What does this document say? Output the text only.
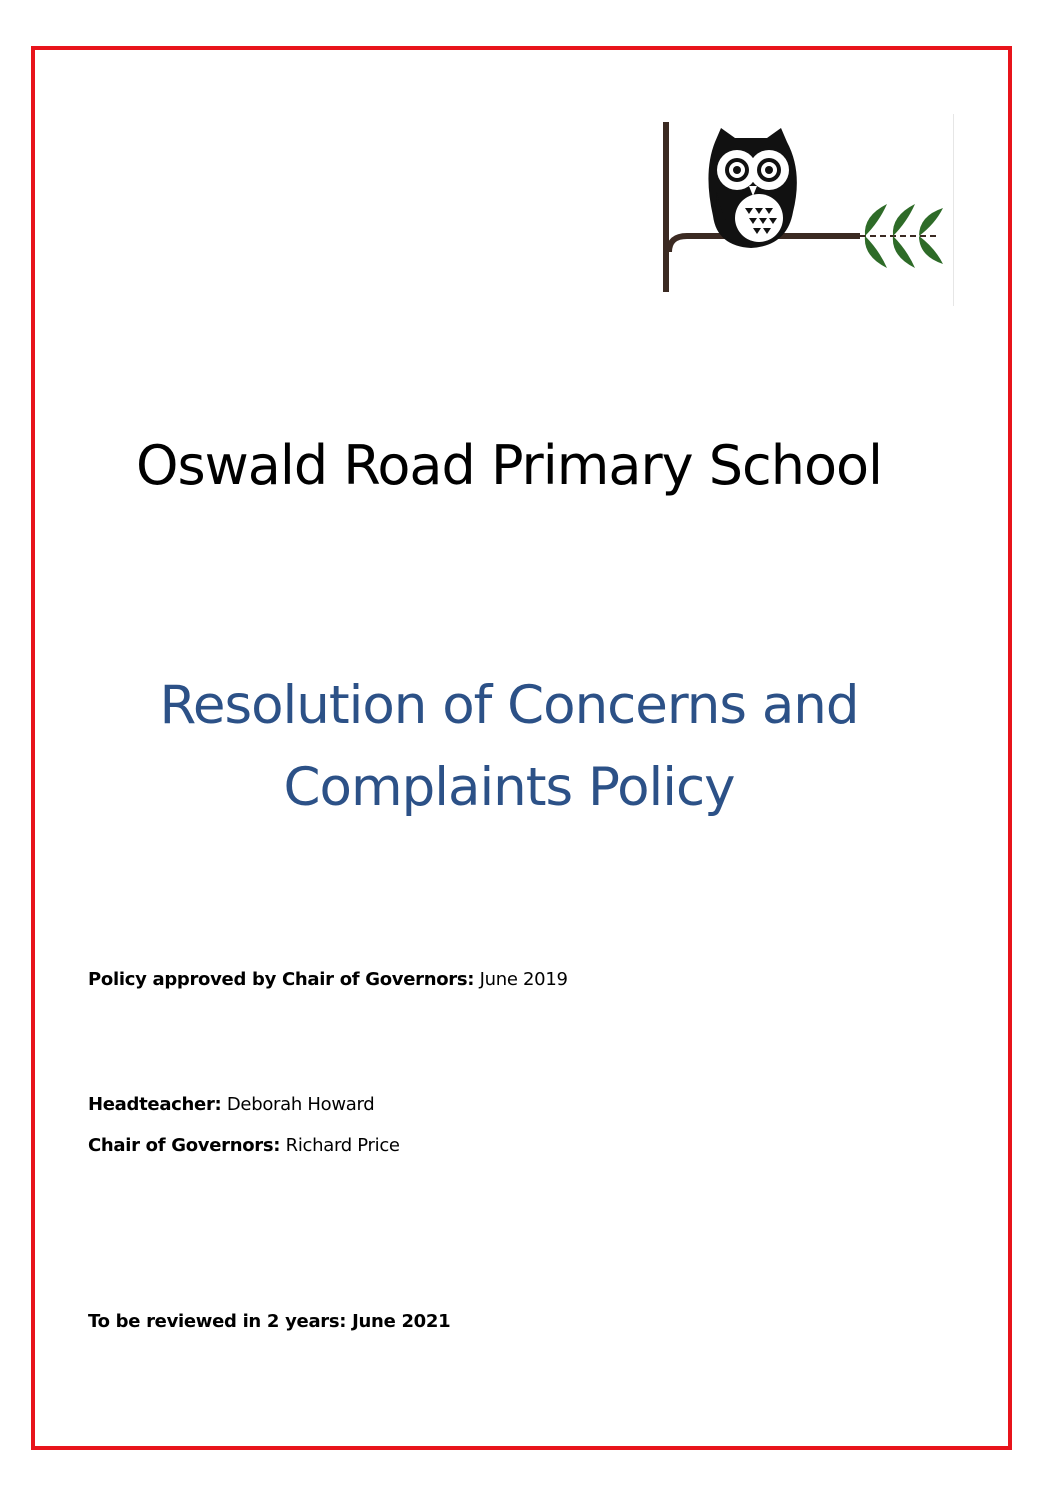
Oswald Road Primary School
Resolution of Concerns and
Complaints Policy
Policy approved by Chair of Governors: June 2019
Headteacher: Deborah Howard
Chair of Governors: Richard Price
To be reviewed in 2 years: June 2021
